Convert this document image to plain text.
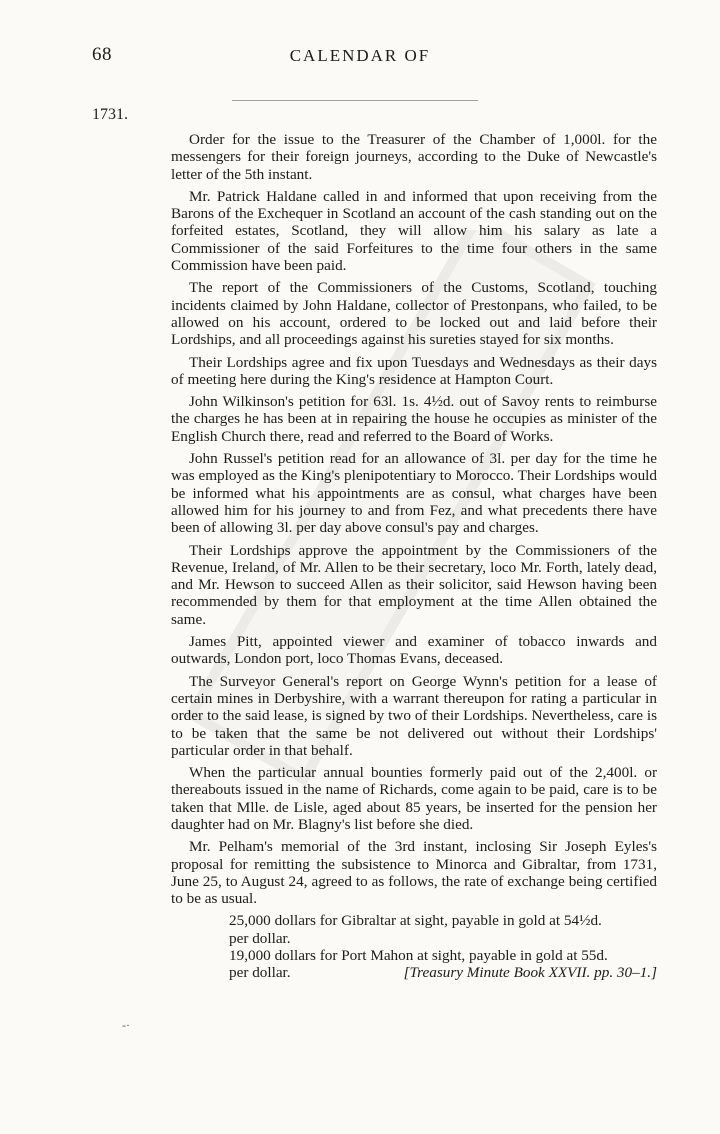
68	CALENDAR OF
1731.

Order for the issue to the Treasurer of the Chamber of 1,000l. for the messengers for their foreign journeys, according to the Duke of Newcastle's letter of the 5th instant.

Mr. Patrick Haldane called in and informed that upon receiving from the Barons of the Exchequer in Scotland an account of the cash standing out on the forfeited estates, Scotland, they will allow him his salary as late a Commissioner of the said Forfeitures to the time four others in the same Commission have been paid.

The report of the Commissioners of the Customs, Scotland, touching incidents claimed by John Haldane, collector of Prestonpans, who failed, to be allowed on his account, ordered to be locked out and laid before their Lordships, and all proceedings against his sureties stayed for six months.

Their Lordships agree and fix upon Tuesdays and Wednesdays as their days of meeting here during the King's residence at Hampton Court.

John Wilkinson's petition for 63l. 1s. 4½d. out of Savoy rents to reimburse the charges he has been at in repairing the house he occupies as minister of the English Church there, read and referred to the Board of Works.

John Russel's petition read for an allowance of 3l. per day for the time he was employed as the King's plenipotentiary to Morocco. Their Lordships would be informed what his appointments are as consul, what charges have been allowed him for his journey to and from Fez, and what precedents there have been of allowing 3l. per day above consul's pay and charges.

Their Lordships approve the appointment by the Commissioners of the Revenue, Ireland, of Mr. Allen to be their secretary, loco Mr. Forth, lately dead, and Mr. Hewson to succeed Allen as their solicitor, said Hewson having been recommended by them for that employment at the time Allen obtained the same.

James Pitt, appointed viewer and examiner of tobacco inwards and outwards, London port, loco Thomas Evans, deceased.

The Surveyor General's report on George Wynn's petition for a lease of certain mines in Derbyshire, with a warrant thereupon for rating a particular in order to the said lease, is signed by two of their Lordships. Nevertheless, care is to be taken that the same be not delivered out without their Lordships' particular order in that behalf.

When the particular annual bounties formerly paid out of the 2,400l. or thereabouts issued in the name of Richards, come again to be paid, care is to be taken that Mlle. de Lisle, aged about 85 years, be inserted for the pension her daughter had on Mr. Blagny's list before she died.

Mr. Pelham's memorial of the 3rd instant, inclosing Sir Joseph Eyles's proposal for remitting the subsistence to Minorca and Gibraltar, from 1731, June 25, to August 24, agreed to as follows, the rate of exchange being certified to be as usual.

25,000 dollars for Gibraltar at sight, payable in gold at 54½d.
per dollar.
19,000 dollars for Port Mahon at sight, payable in gold at 55d.
per dollar.	[Treasury Minute Book XXVII. pp. 30–1.]
-·
